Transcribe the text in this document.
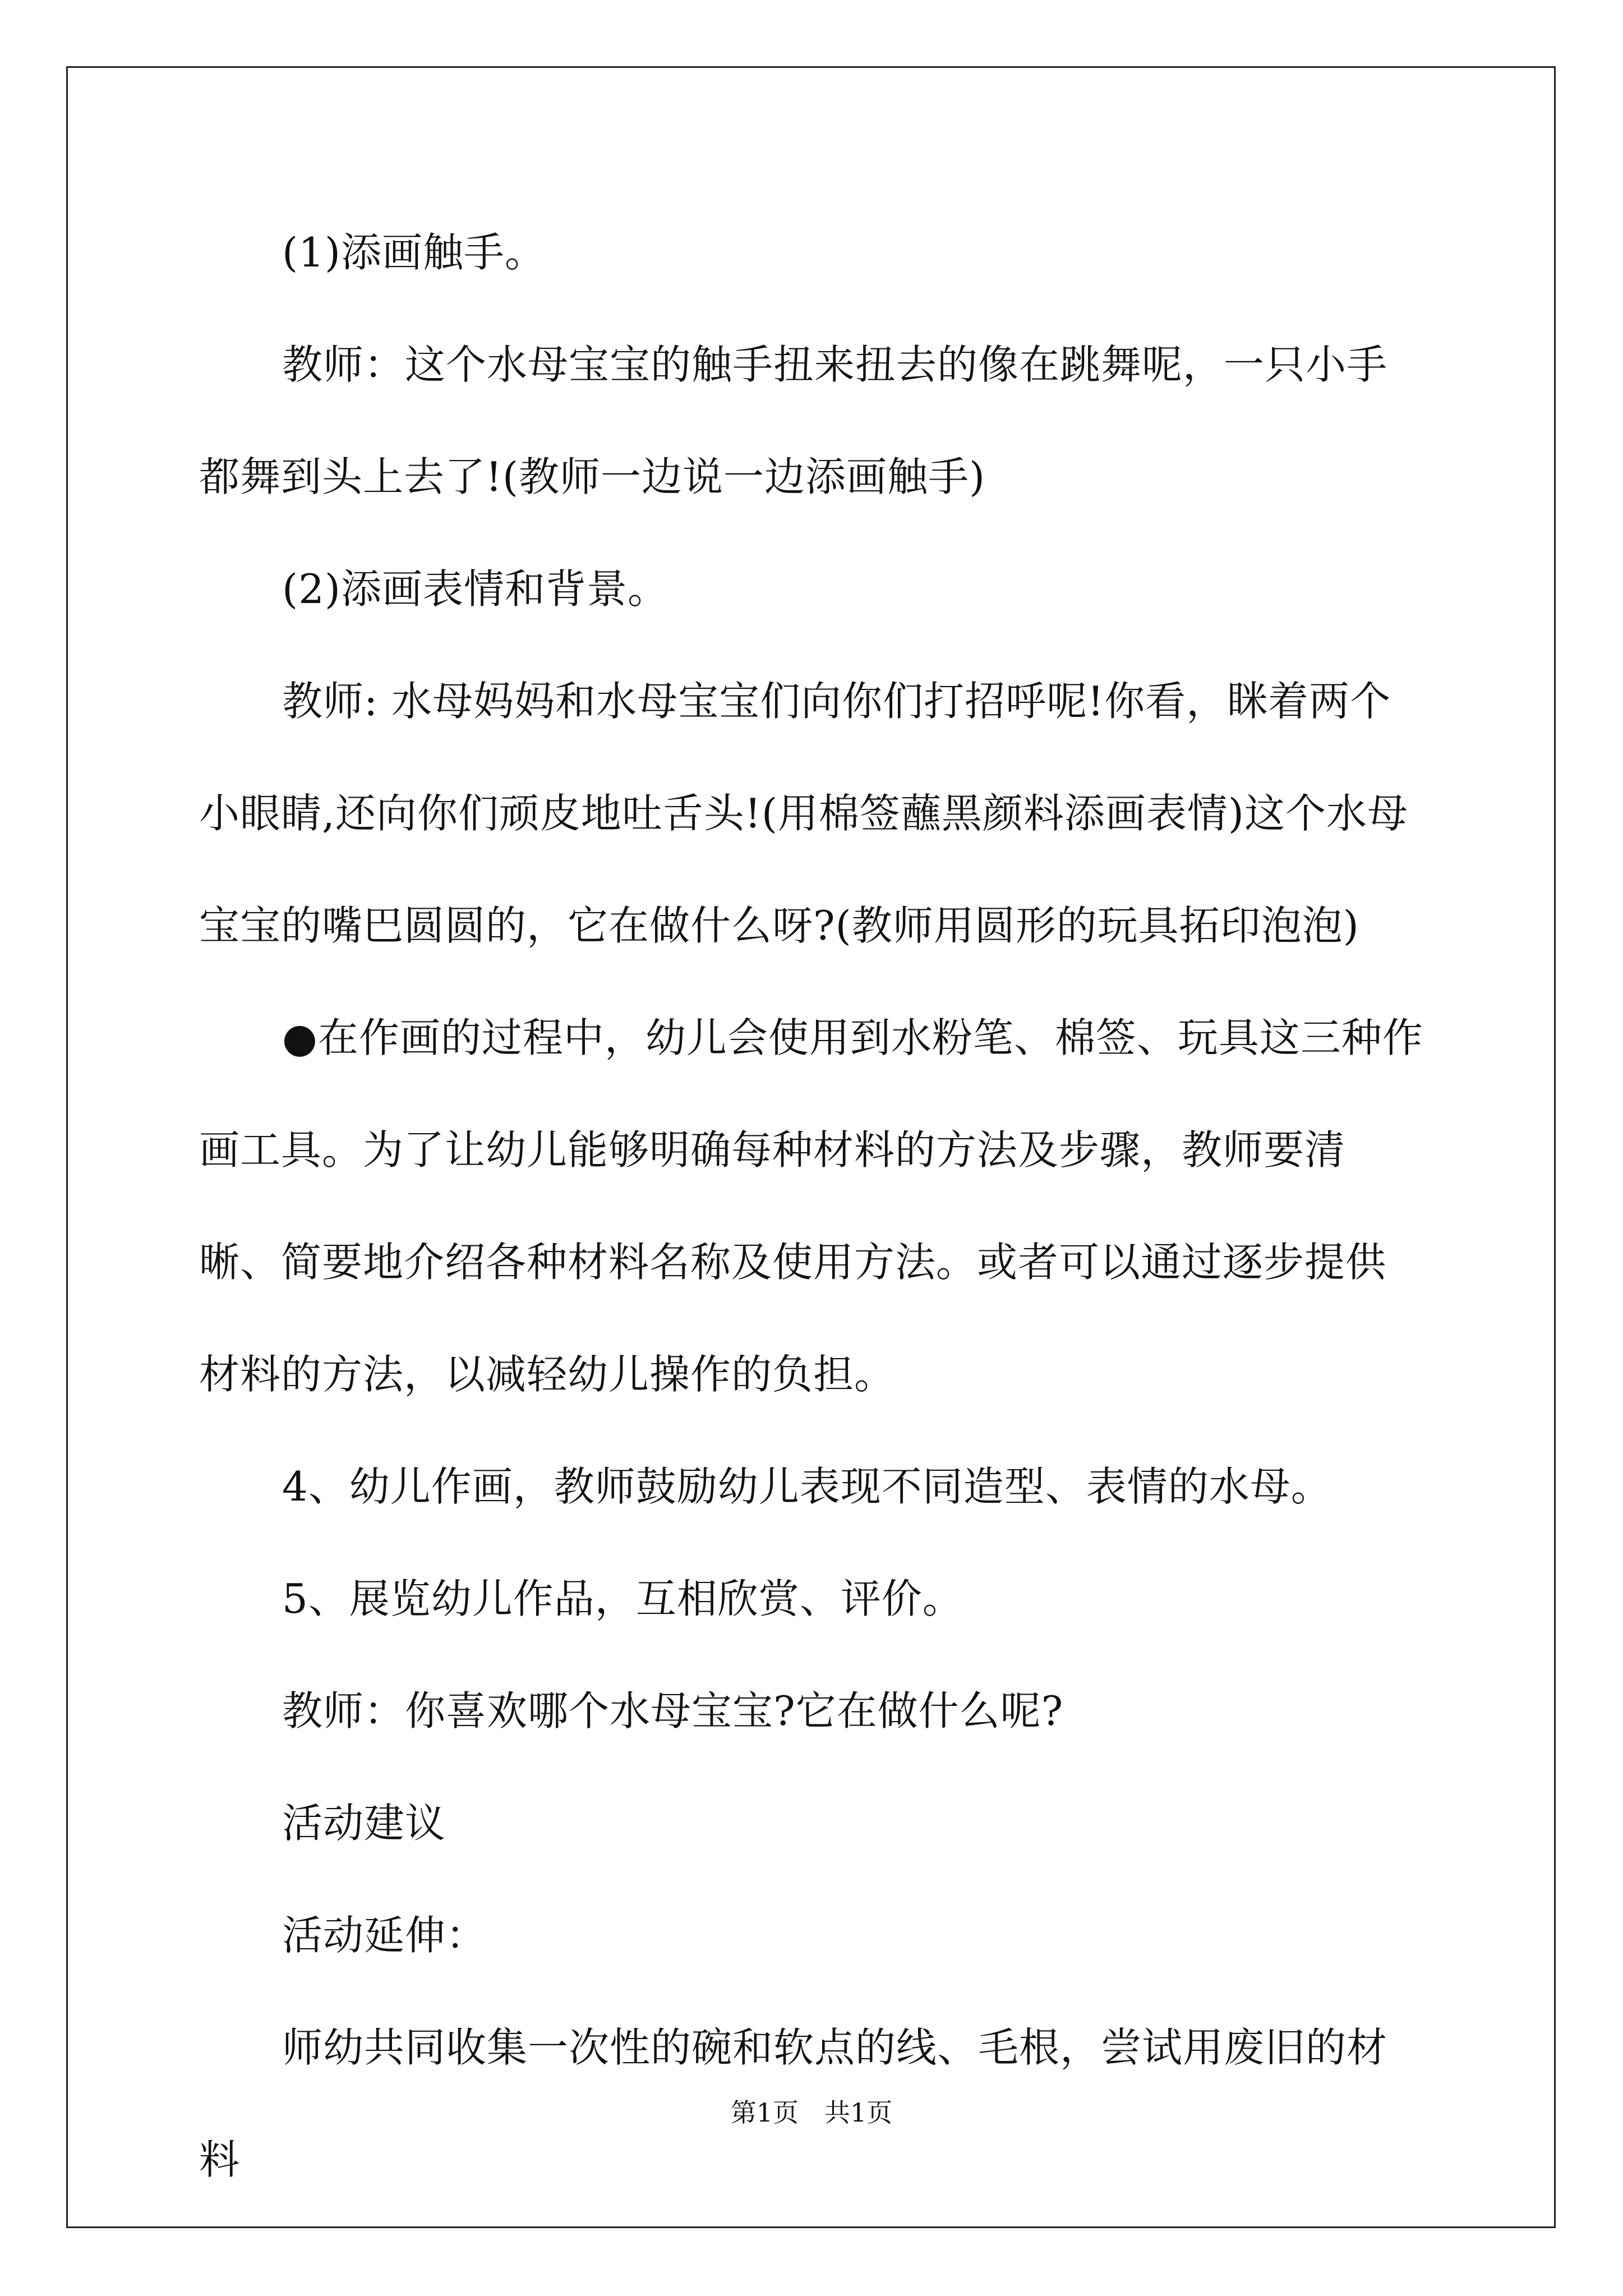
(1)添画触手。

教师：这个水母宝宝的触手扭来扭去的像在跳舞呢，一只小手都舞到头上去了!(教师一边说一边添画触手)

(2)添画表情和背景。

教师: 水母妈妈和水母宝宝们向你们打招呼呢!你看，眯着两个小眼睛,还向你们顽皮地吐舌头!(用棉签蘸黑颜料添画表情)这个水母宝宝的嘴巴圆圆的，它在做什么呀?(教师用圆形的玩具拓印泡泡)

●在作画的过程中，幼儿会使用到水粉笔、棉签、玩具这三种作画工具。为了让幼儿能够明确每种材料的方法及步骤，教师要清晰、简要地介绍各种材料名称及使用方法。或者可以通过逐步提供材料的方法，以减轻幼儿操作的负担。

4、幼儿作画，教师鼓励幼儿表现不同造型、表情的水母。

5、展览幼儿作品，互相欣赏、评价。

教师：你喜欢哪个水母宝宝?它在做什么呢?

活动建议

活动延伸：

师幼共同收集一次性的碗和软点的线、毛根，尝试用废旧的材料

第1页　共1页
